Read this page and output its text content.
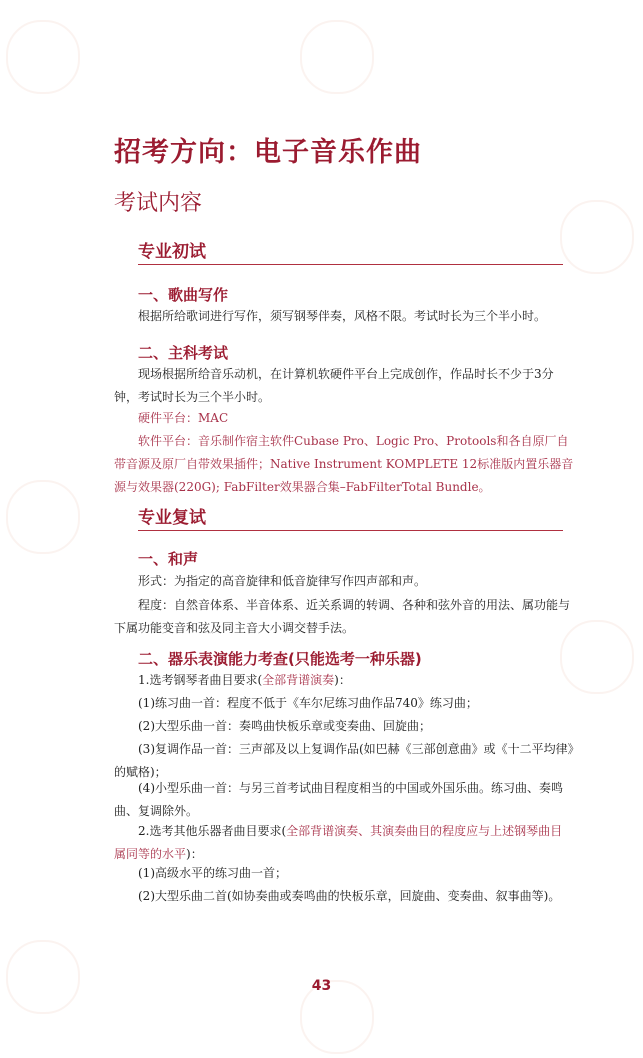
招考方向：电子音乐作曲
考试内容
专业初试
一、歌曲写作

根据所给歌词进行写作，须写钢琴伴奏，风格不限。考试时长为三个半小时。

二、主科考试

现场根据所给音乐动机，在计算机软硬件平台上完成创作，作品时长不少于3分钟，考试时长为三个半小时。

硬件平台：MAC

软件平台：音乐制作宿主软件Cubase Pro、Logic Pro、Protools和各自原厂自带音源及原厂自带效果插件；Native Instrument KOMPLETE 12标准版内置乐器音源与效果器(220G); FabFilter效果器合集–FabFilterTotal Bundle。

专业复试
一、和声

形式：为指定的高音旋律和低音旋律写作四声部和声。

程度：自然音体系、半音体系、近关系调的转调、各种和弦外音的用法、属功能与下属功能变音和弦及同主音大小调交替手法。

二、器乐表演能力考查(只能选考一种乐器)

1.选考钢琴者曲目要求(全部背谱演奏)：

(1)练习曲一首：程度不低于《车尔尼练习曲作品740》练习曲；

(2)大型乐曲一首：奏鸣曲快板乐章或变奏曲、回旋曲；

(3)复调作品一首：三声部及以上复调作品(如巴赫《三部创意曲》或《十二平均律》的赋格)；

(4)小型乐曲一首：与另三首考试曲目程度相当的中国或外国乐曲。练习曲、奏鸣曲、复调除外。

2.选考其他乐器者曲目要求(全部背谱演奏、其演奏曲目的程度应与上述钢琴曲目属同等的水平)：

(1)高级水平的练习曲一首；

(2)大型乐曲二首(如协奏曲或奏鸣曲的快板乐章，回旋曲、变奏曲、叙事曲等)。

43
